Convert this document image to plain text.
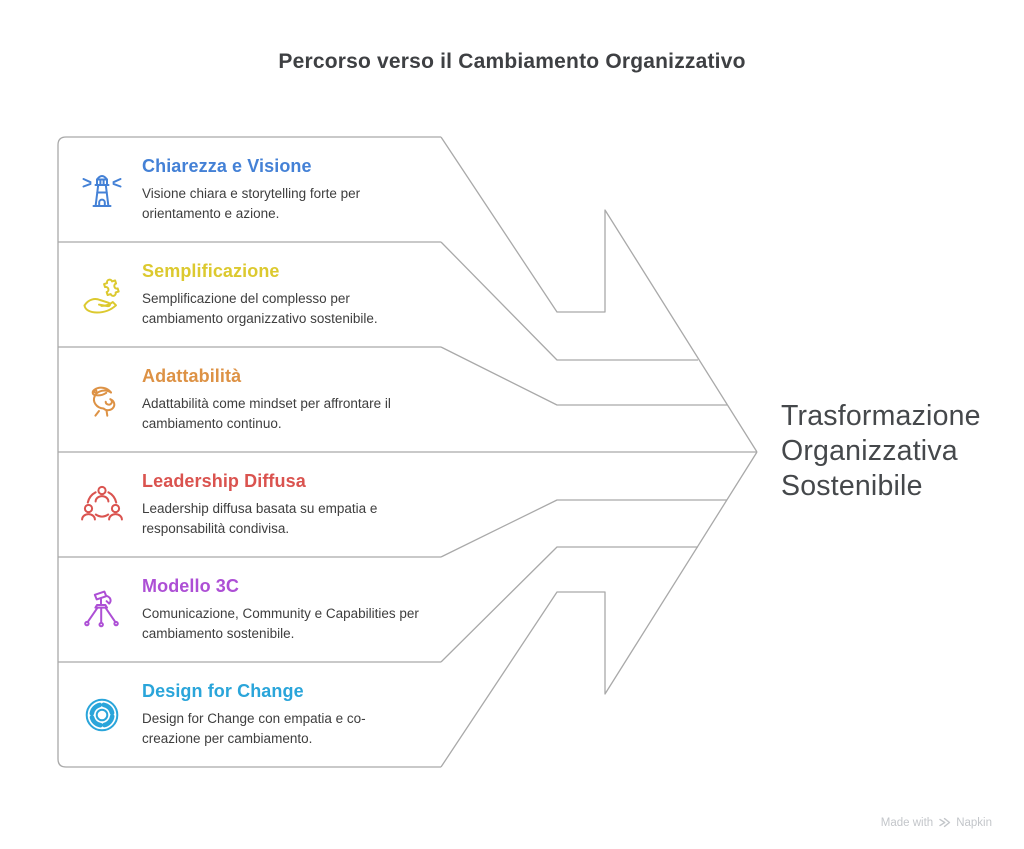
Percorso verso il Cambiamento Organizzativo
Chiarezza e Visione
Visione chiara e storytelling forte per orientamento e azione.
Semplificazione
Semplificazione del complesso per cambiamento organizzativo sostenibile.
Adattabilità
Adattabilità come mindset per affrontare il cambiamento continuo.
Leadership Diffusa
Leadership diffusa basata su empatia e responsabilità condivisa.
Modello 3C
Comunicazione, Community e Capabilities per cambiamento sostenibile.
Design for Change
Design for Change con empatia e co-creazione per cambiamento.
Trasformazione
Organizzativa
Sostenibile
Made with Napkin
